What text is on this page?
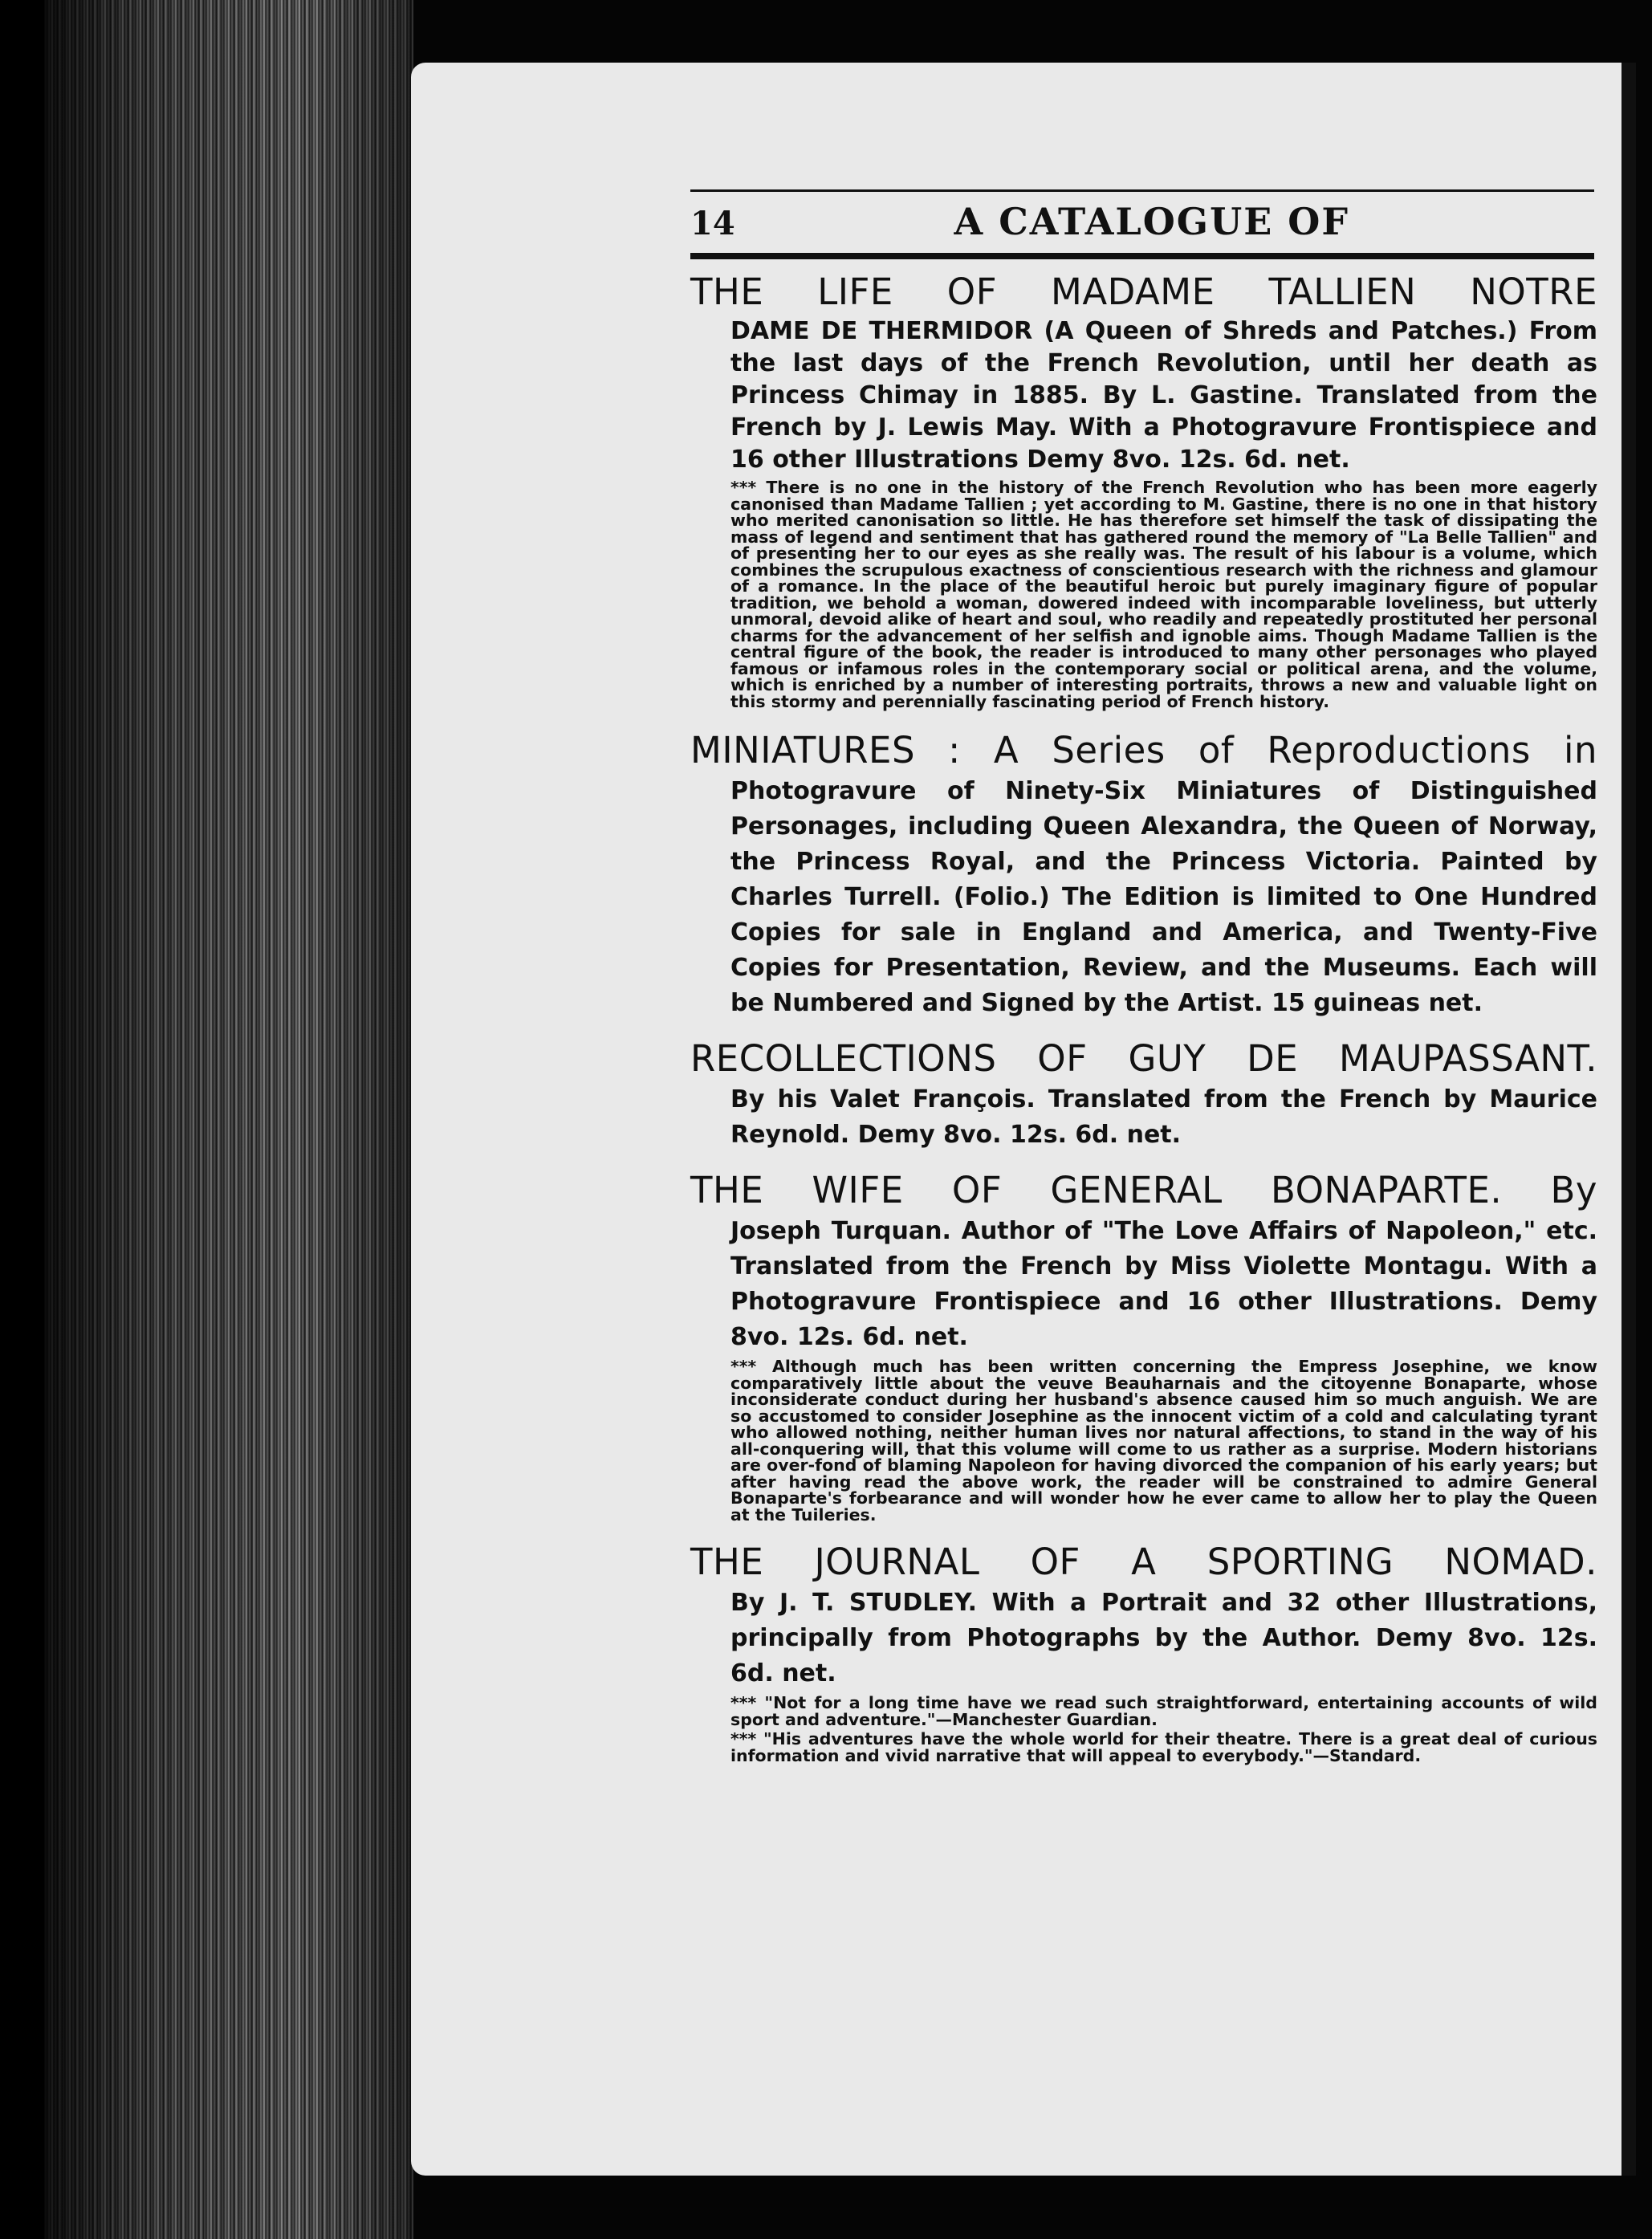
14	A CATALOGUE OF

THE LIFE OF MADAME TALLIEN NOTRE

DAME DE THERMIDOR (A Queen of Shreds and Patches.) From the last days of the French Revolution, until her death as Princess Chimay in 1885. By L. Gastine. Translated from the French by J. Lewis May. With a Photogravure Frontispiece and 16 other Illustrations Demy 8vo. 12s. 6d. net.

*** There is no one in the history of the French Revolution who has been more eagerly canonised than Madame Tallien ; yet according to M. Gastine, there is no one in that history who merited canonisation so little. He has therefore set himself the task of dissipating the mass of legend and sentiment that has gathered round the memory of "La Belle Tallien" and of presenting her to our eyes as she really was. The result of his labour is a volume, which combines the scrupulous exactness of conscientious research with the richness and glamour of a romance. In the place of the beautiful heroic but purely imaginary figure of popular tradition, we behold a woman, dowered indeed with incomparable loveliness, but utterly unmoral, devoid alike of heart and soul, who readily and repeatedly prostituted her personal charms for the advancement of her selfish and ignoble aims. Though Madame Tallien is the central figure of the book, the reader is introduced to many other personages who played famous or infamous roles in the contemporary social or political arena, and the volume, which is enriched by a number of interesting portraits, throws a new and valuable light on this stormy and perennially fascinating period of French history.

MINIATURES : A Series of Reproductions in

Photogravure of Ninety-Six Miniatures of Distinguished Personages, including Queen Alexandra, the Queen of Norway, the Princess Royal, and the Princess Victoria. Painted by Charles Turrell. (Folio.) The Edition is limited to One Hundred Copies for sale in England and America, and Twenty-Five Copies for Presentation, Review, and the Museums. Each will be Numbered and Signed by the Artist. 15 guineas net.

RECOLLECTIONS OF GUY DE MAUPASSANT.

By his Valet François. Translated from the French by Maurice Reynold. Demy 8vo. 12s. 6d. net.

THE WIFE OF GENERAL BONAPARTE. By

Joseph Turquan. Author of "The Love Affairs of Napoleon," etc. Translated from the French by Miss Violette Montagu. With a Photogravure Frontispiece and 16 other Illustrations. Demy 8vo. 12s. 6d. net.

*** Although much has been written concerning the Empress Josephine, we know comparatively little about the veuve Beauharnais and the citoyenne Bonaparte, whose inconsiderate conduct during her husband's absence caused him so much anguish. We are so accustomed to consider Josephine as the innocent victim of a cold and calculating tyrant who allowed nothing, neither human lives nor natural affections, to stand in the way of his all-conquering will, that this volume will come to us rather as a surprise. Modern historians are over-fond of blaming Napoleon for having divorced the companion of his early years; but after having read the above work, the reader will be constrained to admire General Bonaparte's forbearance and will wonder how he ever came to allow her to play the Queen at the Tuileries.

THE JOURNAL OF A SPORTING NOMAD.

By J. T. STUDLEY. With a Portrait and 32 other Illustrations, principally from Photographs by the Author. Demy 8vo. 12s. 6d. net.

*** "Not for a long time have we read such straightforward, entertaining accounts of wild sport and adventure."—Manchester Guardian.

*** "His adventures have the whole world for their theatre. There is a great deal of curious information and vivid narrative that will appeal to everybody."—Standard.
